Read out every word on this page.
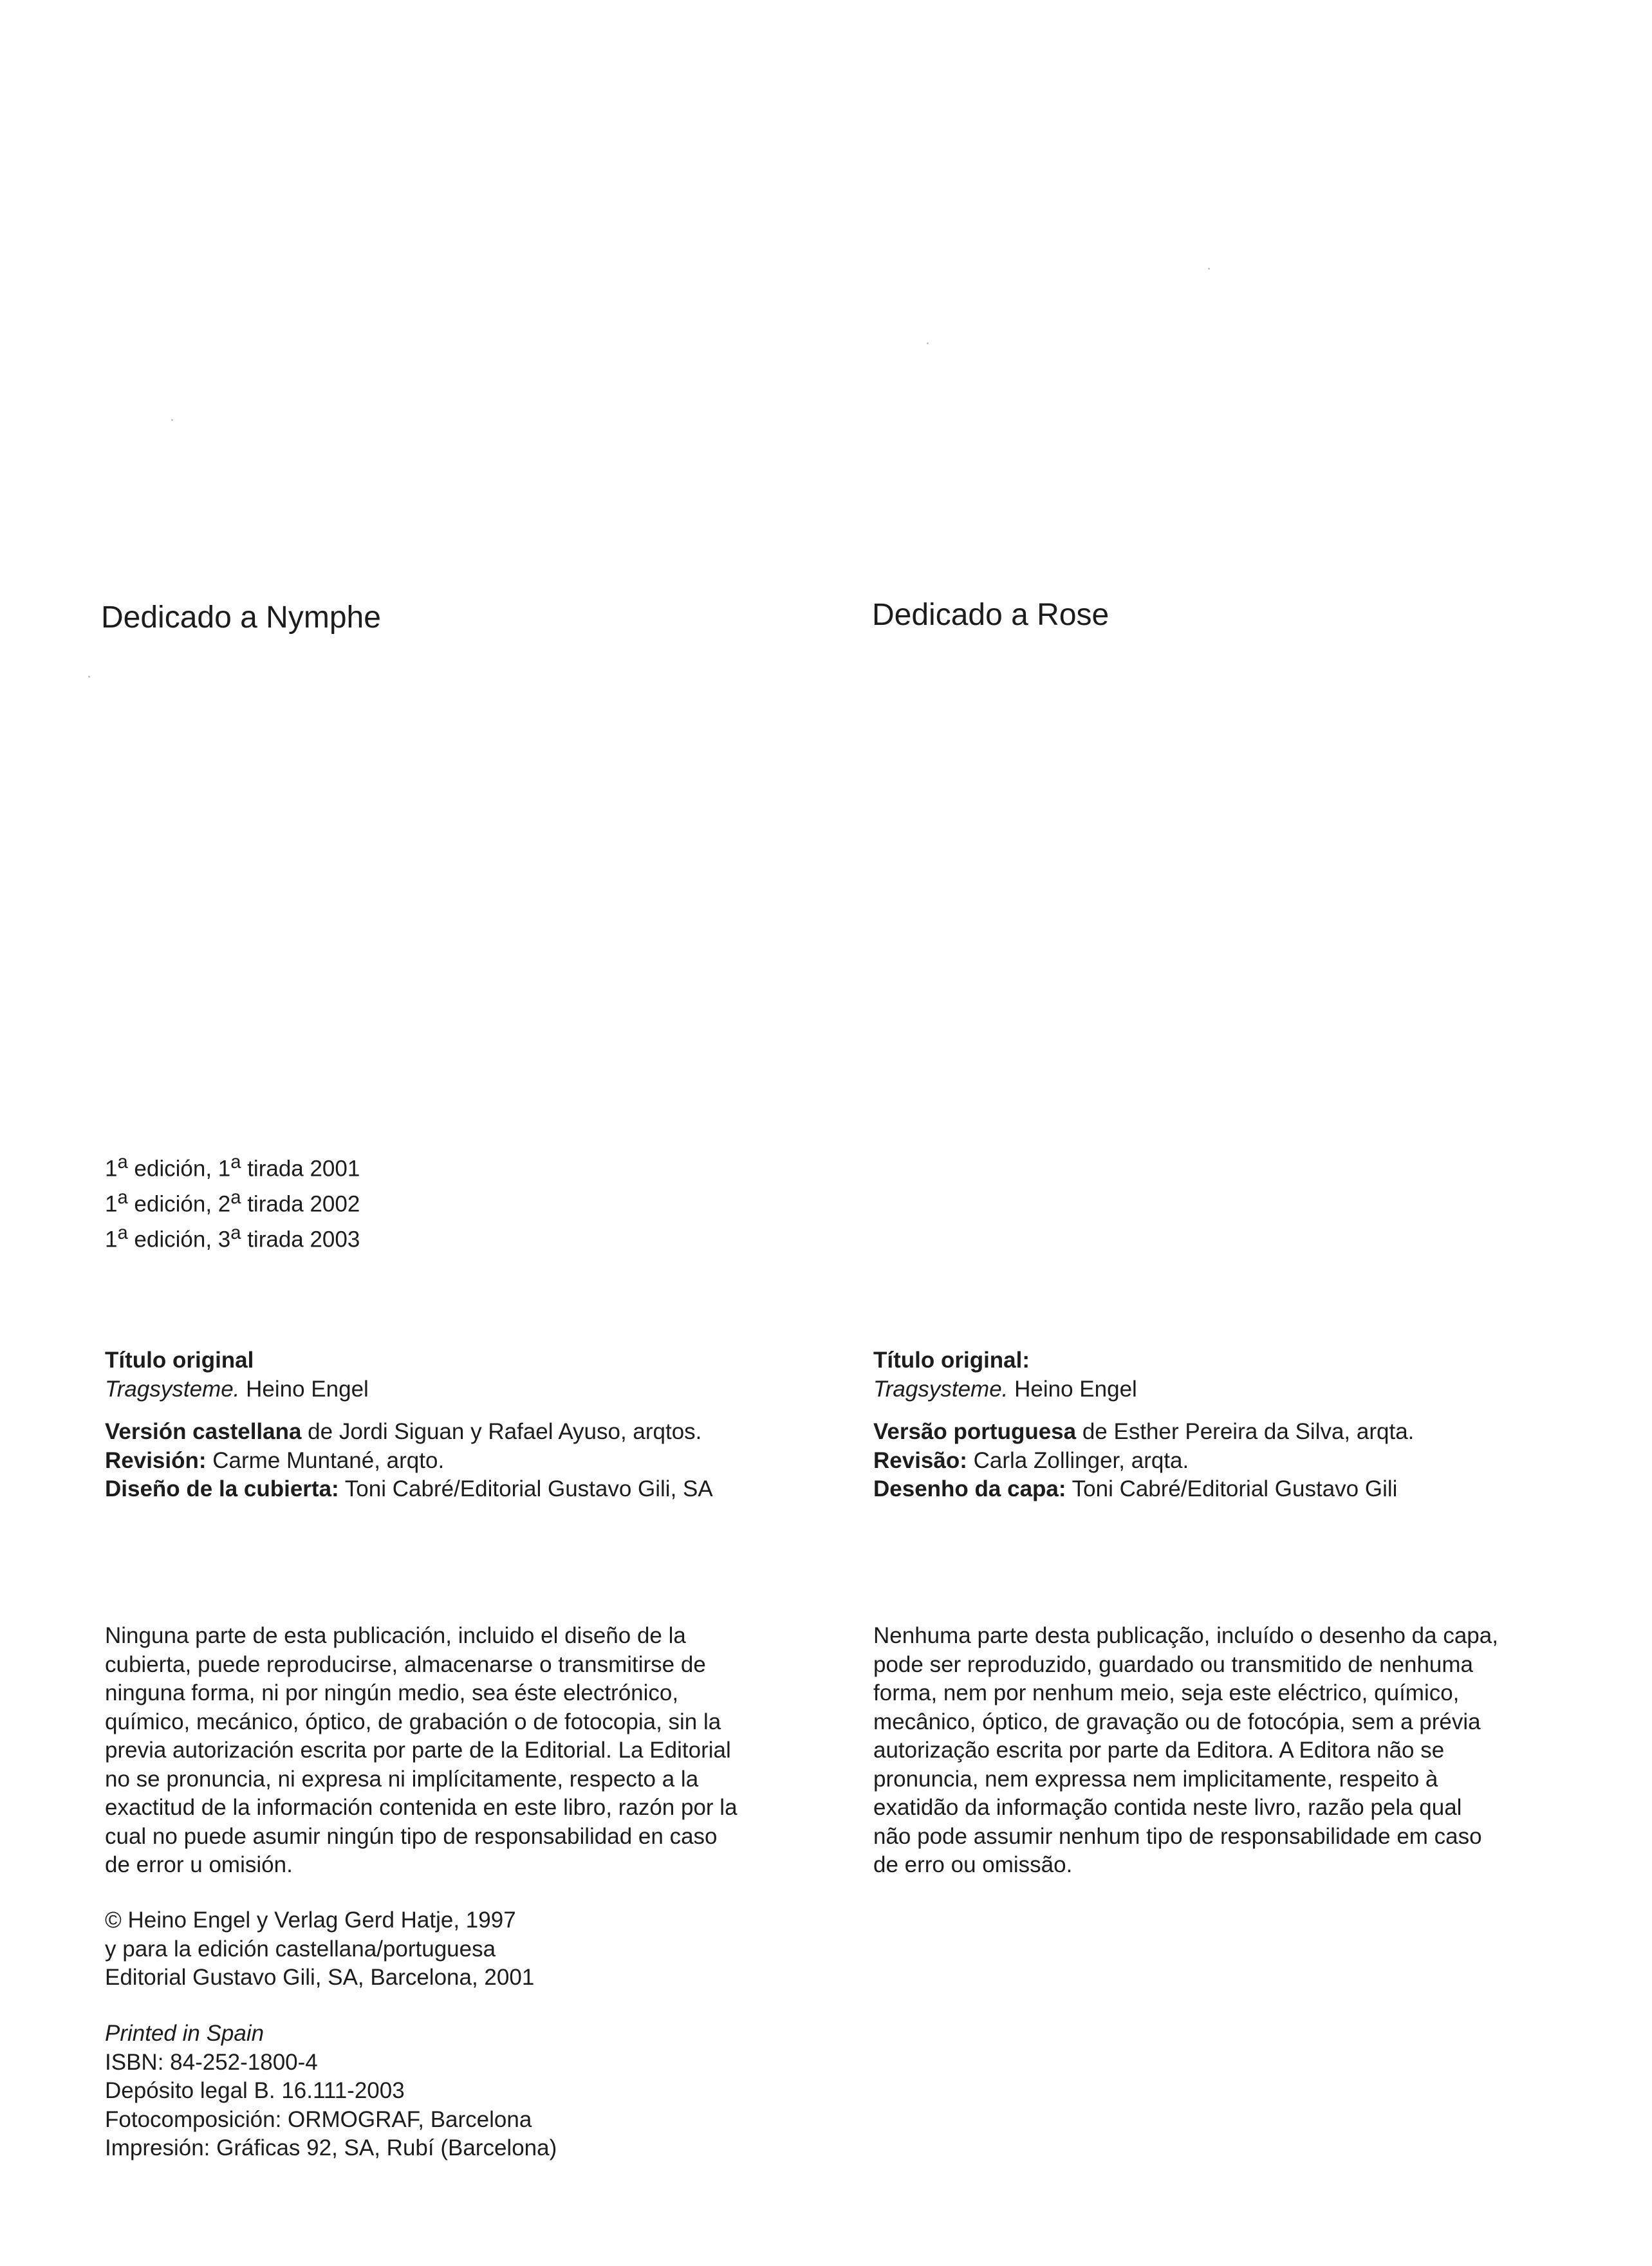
Dedicado a Nymphe	Dedicado a Rose
1$^a$ edición, 1$^a$ tirada 2001
1$^a$ edición, 2$^a$ tirada 2002
1$^a$ edición, 3$^a$ tirada 2003
Título original
Tragsysteme. Heino Engel
Versión castellana de Jordi Siguan y Rafael Ayuso, arqtos.
Revisión: Carme Muntané, arqto.
Diseño de la cubierta: Toni Cabré/Editorial Gustavo Gili, SA
Título original:
Tragsysteme. Heino Engel
Versão portuguesa de Esther Pereira da Silva, arqta.
Revisão: Carla Zollinger, arqta.
Desenho da capa: Toni Cabré/Editorial Gustavo Gili
Ninguna parte de esta publicación, incluido el diseño de la
cubierta, puede reproducirse, almacenarse o transmitirse de
ninguna forma, ni por ningún medio, sea éste electrónico,
químico, mecánico, óptico, de grabación o de fotocopia, sin la
previa autorización escrita por parte de la Editorial. La Editorial
no se pronuncia, ni expresa ni implícitamente, respecto a la
exactitud de la información contenida en este libro, razón por la
cual no puede asumir ningún tipo de responsabilidad en caso
de error u omisión.
Nenhuma parte desta publicação, incluído o desenho da capa,
pode ser reproduzido, guardado ou transmitido de nenhuma
forma, nem por nenhum meio, seja este eléctrico, químico,
mecânico, óptico, de gravação ou de fotocópia, sem a prévia
autorização escrita por parte da Editora. A Editora não se
pronuncia, nem expressa nem implicitamente, respeito à
exatidão da informação contida neste livro, razão pela qual
não pode assumir nenhum tipo de responsabilidade em caso
de erro ou omissão.
© Heino Engel y Verlag Gerd Hatje, 1997
y para la edición castellana/portuguesa
Editorial Gustavo Gili, SA, Barcelona, 2001
Printed in Spain
ISBN: 84-252-1800-4
Depósito legal B. 16.111-2003
Fotocomposición: ORMOGRAF, Barcelona
Impresión: Gráficas 92, SA, Rubí (Barcelona)
